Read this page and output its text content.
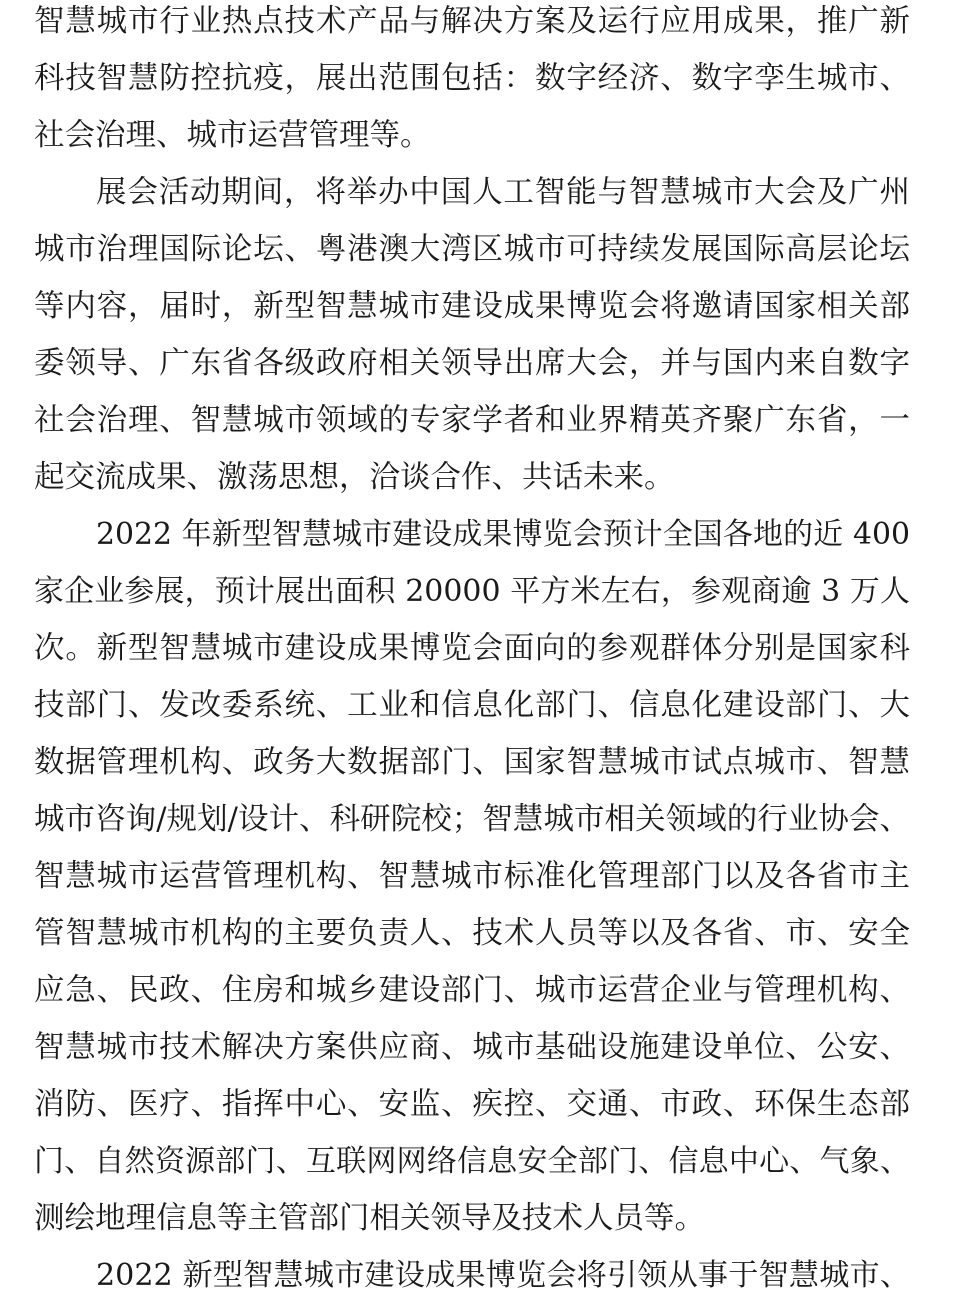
智慧城市行业热点技术产品与解决方案及运行应用成果，推广新
科技智慧防控抗疫，展出范围包括：数字经济、数字孪生城市、
社会治理、城市运营管理等。
展会活动期间，将举办中国人工智能与智慧城市大会及广州
城市治理国际论坛、粤港澳大湾区城市可持续发展国际高层论坛
等内容，届时，新型智慧城市建设成果博览会将邀请国家相关部
委领导、广东省各级政府相关领导出席大会，并与国内来自数字
社会治理、智慧城市领域的专家学者和业界精英齐聚广东省，一
起交流成果、激荡思想，洽谈合作、共话未来。
2022 年新型智慧城市建设成果博览会预计全国各地的近 400
家企业参展，预计展出面积 20000 平方米左右，参观商逾 3 万人
次。新型智慧城市建设成果博览会面向的参观群体分别是国家科
技部门、发改委系统、工业和信息化部门、信息化建设部门、大
数据管理机构、政务大数据部门、国家智慧城市试点城市、智慧
城市咨询/规划/设计、科研院校；智慧城市相关领域的行业协会、
智慧城市运营管理机构、智慧城市标准化管理部门以及各省市主
管智慧城市机构的主要负责人、技术人员等以及各省、市、安全
应急、民政、住房和城乡建设部门、城市运营企业与管理机构、
智慧城市技术解决方案供应商、城市基础设施建设单位、公安、
消防、医疗、指挥中心、安监、疾控、交通、市政、环保生态部
门、自然资源部门、互联网网络信息安全部门、信息中心、气象、
测绘地理信息等主管部门相关领导及技术人员等。
2022 新型智慧城市建设成果博览会将引领从事于智慧城市、
